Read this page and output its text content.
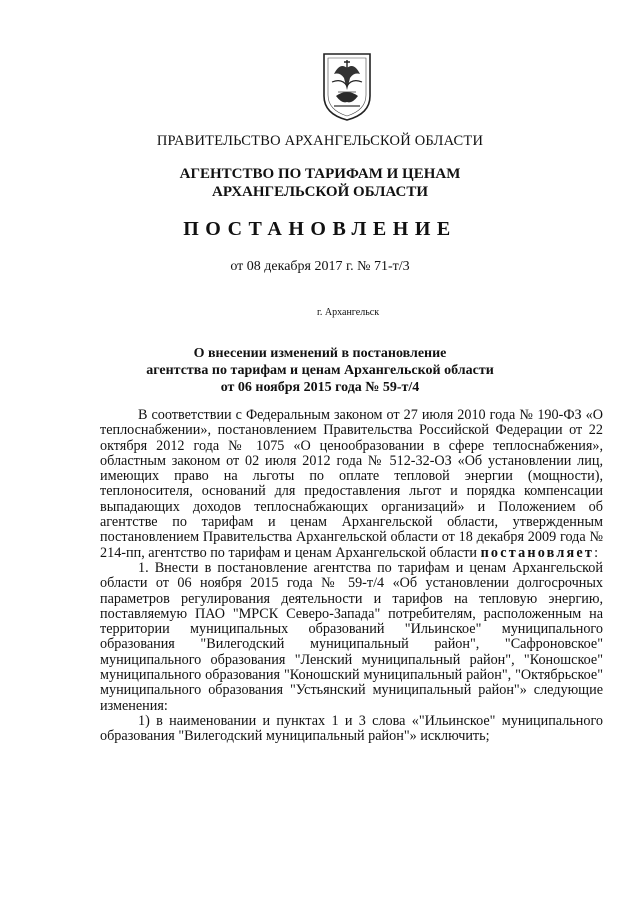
ПРАВИТЕЛЬСТВО АРХАНГЕЛЬСКОЙ ОБЛАСТИ
АГЕНТСТВО ПО ТАРИФАМ И ЦЕНАМ
АРХАНГЕЛЬСКОЙ ОБЛАСТИ
ПОСТАНОВЛЕНИЕ
от 08 декабря 2017 г. № 71-т/3
г. Архангельск
О внесении изменений в постановление
агентства по тарифам и ценам Архангельской области
от 06 ноября 2015 года № 59-т/4

В соответствии с Федеральным законом от 27 июля 2010 года № 190-ФЗ «О теплоснабжении», постановлением Правительства Российской Федерации от 22 октября 2012 года № 1075 «О ценообразовании в сфере теплоснабжения», областным законом от 02 июля 2012 года № 512-32-ОЗ «Об установлении лиц, имеющих право на льготы по оплате тепловой энергии (мощности), теплоносителя, оснований для предоставления льгот и порядка компенсации выпадающих доходов теплоснабжающих организаций» и Положением об агентстве по тарифам и ценам Архангельской области, утвержденным постановлением Правительства Архангельской области от 18 декабря 2009 года № 214-пп, агентство по тарифам и ценам Архангельской области постановляет:

1. Внести в постановление агентства по тарифам и ценам Архангельской области от 06 ноября 2015 года № 59-т/4 «Об установлении долгосрочных параметров регулирования деятельности и тарифов на тепловую энергию, поставляемую ПАО "МРСК Северо-Запада" потребителям, расположенным на территории муниципальных образований "Ильинское" муниципального образования "Вилегодский муниципальный район", "Сафроновское" муниципального образования "Ленский муниципальный район", "Коношское" муниципального образования "Коношский муниципальный район", "Октябрьское" муниципального образования "Устьянский муниципальный район"» следующие изменения:

1) в наименовании и пунктах 1 и 3 слова «"Ильинское" муниципального образования "Вилегодский муниципальный район"» исключить;
